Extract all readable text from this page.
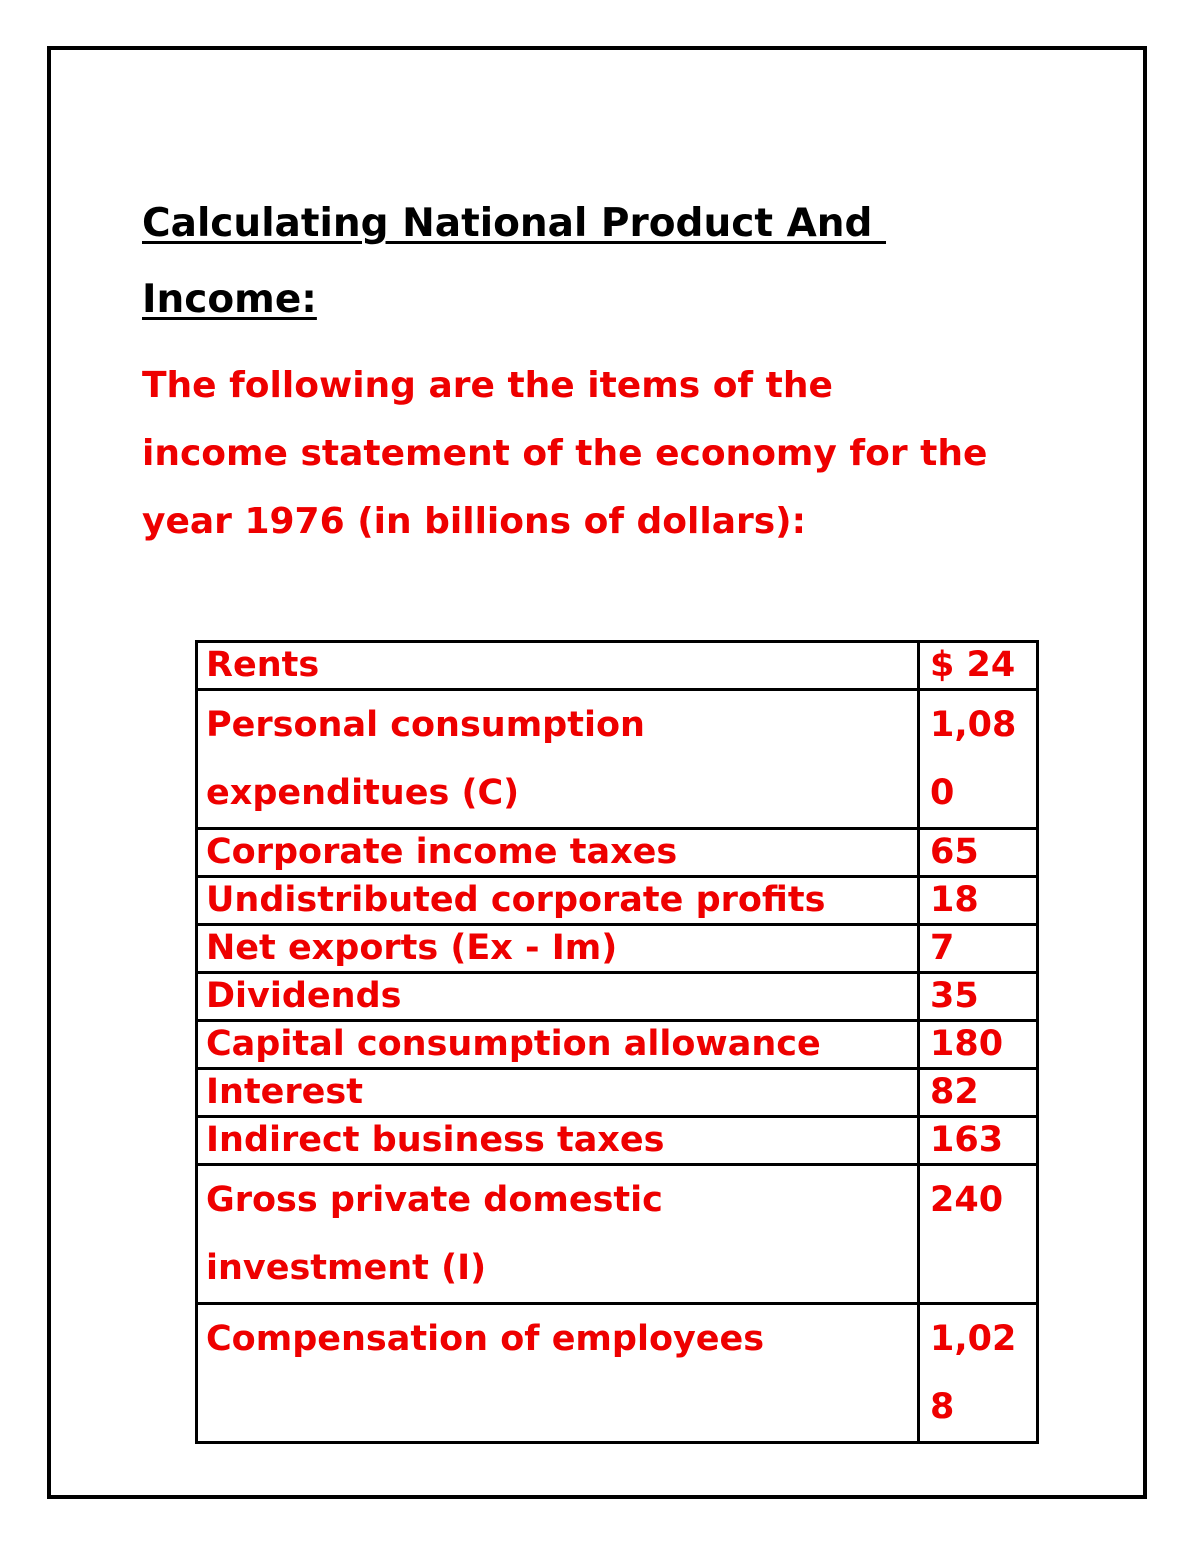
Calculating National Product And
Income:

The following are the items of the
income statement of the economy for the
year 1976 (in billions of dollars):

Rents	$ 24

Personal consumption
expendituеs (C)	1,08
0

Corporate income taxes	65

Undistributed corporate profits	18

Net exports (Ex - Im)	7

Dividends	35

Capital consumption allowance	180

Interest	82

Indirect business taxes	163

Gross private domestic
investment (I)	240

Compensation of employees	1,02
8
